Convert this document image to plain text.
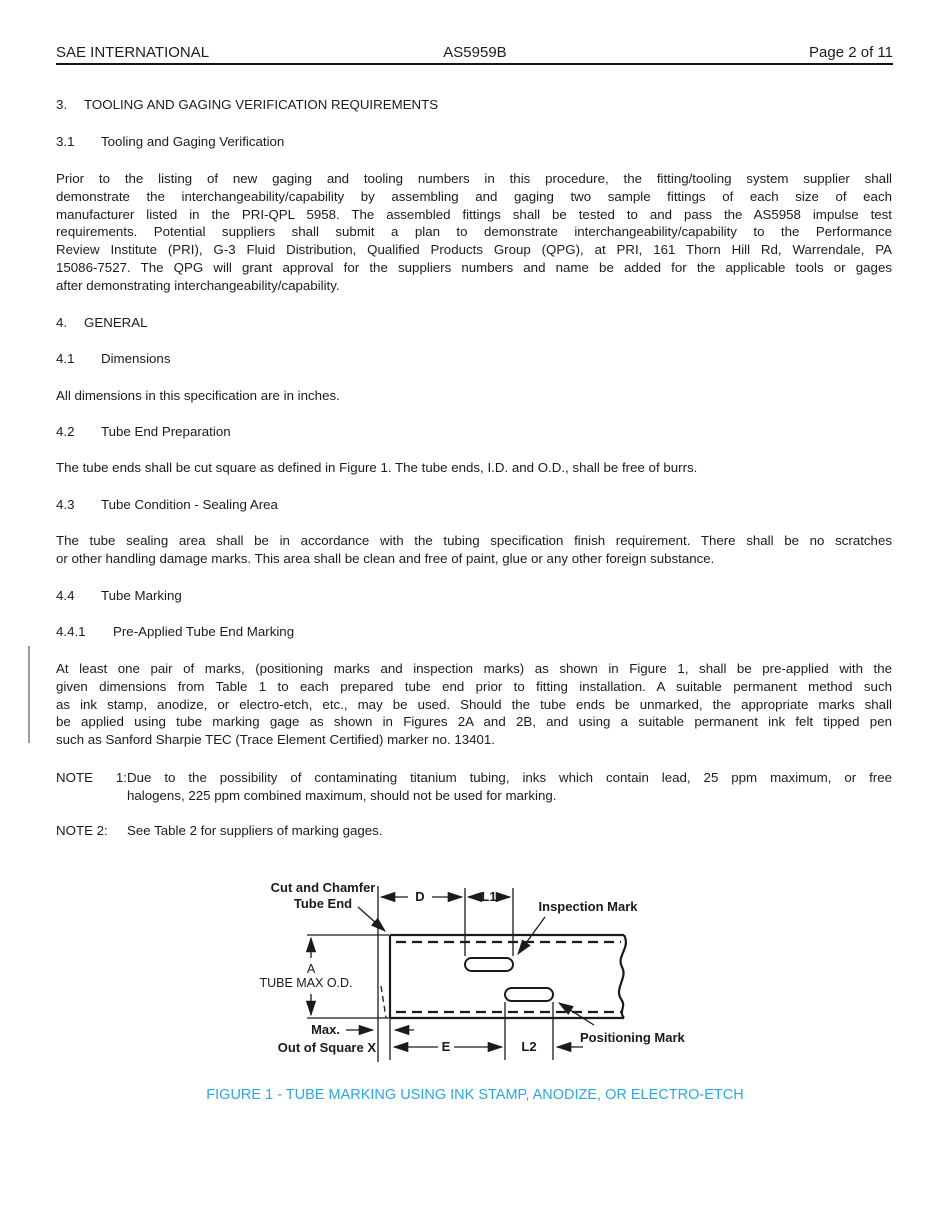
SAE INTERNATIONAL	AS5959B	Page 2 of 11
3. TOOLING AND GAGING VERIFICATION REQUIREMENTS
3.1 Tooling and Gaging Verification
Prior to the listing of new gaging and tooling numbers in this procedure, the fitting/tooling system supplier shall
demonstrate the interchangeability/capability by assembling and gaging two sample fittings of each size of each
manufacturer listed in the PRI-QPL 5958. The assembled fittings shall be tested to and pass the AS5958 impulse test
requirements. Potential suppliers shall submit a plan to demonstrate interchangeability/capability to the Performance
Review Institute (PRI), G-3 Fluid Distribution, Qualified Products Group (QPG), at PRI, 161 Thorn Hill Rd, Warrendale, PA
15086-7527. The QPG will grant approval for the suppliers numbers and name be added for the applicable tools or gages
after demonstrating interchangeability/capability.
4. GENERAL
4.1 Dimensions
All dimensions in this specification are in inches.
4.2 Tube End Preparation
The tube ends shall be cut square as defined in Figure 1. The tube ends, I.D. and O.D., shall be free of burrs.
4.3 Tube Condition - Sealing Area
The tube sealing area shall be in accordance with the tubing specification finish requirement. There shall be no scratches
or other handling damage marks. This area shall be clean and free of paint, glue or any other foreign substance.
4.4 Tube Marking
4.4.1 Pre-Applied Tube End Marking
At least one pair of marks, (positioning marks and inspection marks) as shown in Figure 1, shall be pre-applied with the
given dimensions from Table 1 to each prepared tube end prior to fitting installation. A suitable permanent method such
as ink stamp, anodize, or electro-etch, etc., may be used. Should the tube ends be unmarked, the appropriate marks shall
be applied using tube marking gage as shown in Figures 2A and 2B, and using a suitable permanent ink felt tipped pen
such as Sanford Sharpie TEC (Trace Element Certified) marker no. 13401.
NOTE 1:Due to the possibility of contaminating titanium tubing, inks which contain lead, 25 ppm maximum, or free
halogens, 225 ppm combined maximum, should not be used for marking.
NOTE 2: See Table 2 for suppliers of marking gages.
Cut and Chamfer
Tube End	D	L1
Inspection Mark
A
TUBE MAX O.D.
Max.
Out of Square X	E	L2
Positioning Mark
FIGURE 1 - TUBE MARKING USING INK STAMP, ANODIZE, OR ELECTRO-ETCH
